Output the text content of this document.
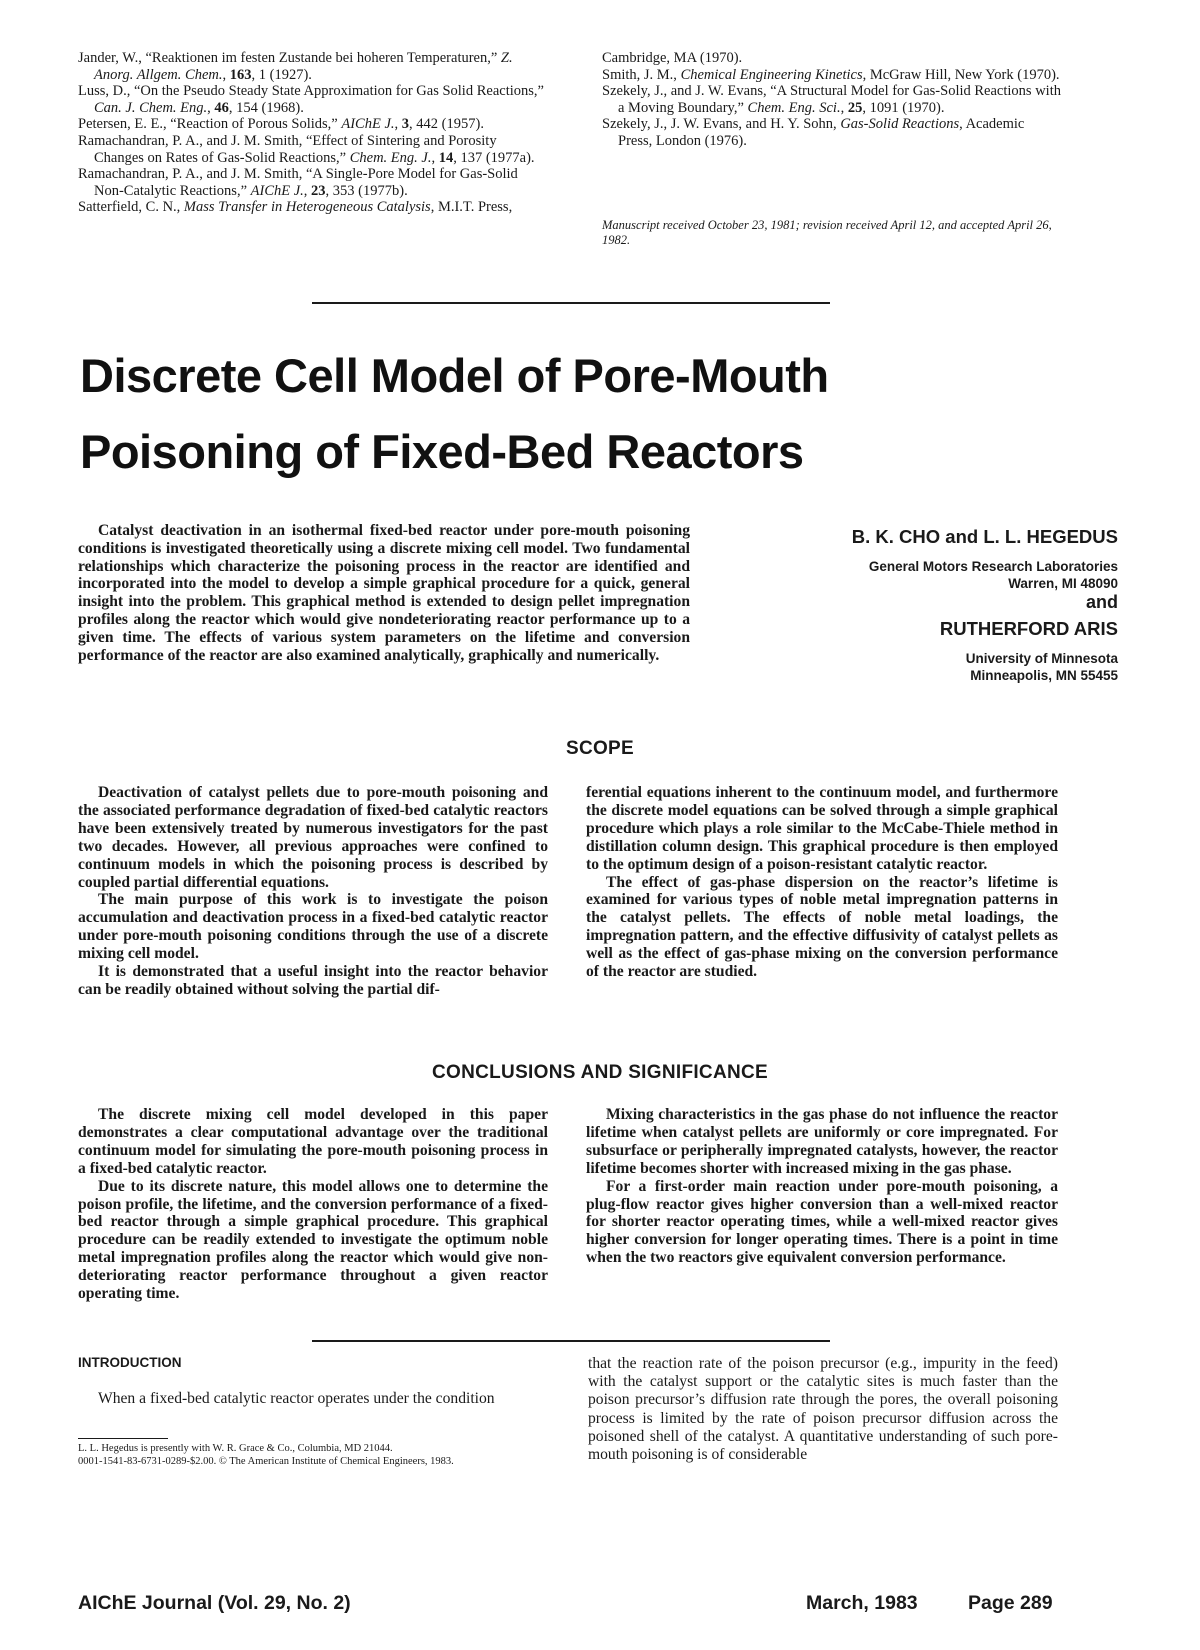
Jander, W., “Reaktionen im festen Zustande bei hoheren Temperaturen,” Z. Anorg. Allgem. Chem., 163, 1 (1927).
Luss, D., “On the Pseudo Steady State Approximation for Gas Solid Reactions,” Can. J. Chem. Eng., 46, 154 (1968).
Petersen, E. E., “Reaction of Porous Solids,” AIChE J., 3, 442 (1957).
Ramachandran, P. A., and J. M. Smith, “Effect of Sintering and Porosity Changes on Rates of Gas-Solid Reactions,” Chem. Eng. J., 14, 137 (1977a).
Ramachandran, P. A., and J. M. Smith, “A Single-Pore Model for Gas-Solid Non-Catalytic Reactions,” AIChE J., 23, 353 (1977b).
Satterfield, C. N., Mass Transfer in Heterogeneous Catalysis, M.I.T. Press,
Cambridge, MA (1970).
Smith, J. M., Chemical Engineering Kinetics, McGraw Hill, New York (1970).
Szekely, J., and J. W. Evans, “A Structural Model for Gas-Solid Reactions with a Moving Boundary,” Chem. Eng. Sci., 25, 1091 (1970).
Szekely, J., J. W. Evans, and H. Y. Sohn, Gas-Solid Reactions, Academic Press, London (1976).
Manuscript received October 23, 1981; revision received April 12, and accepted April 26, 1982.
Discrete Cell Model of Pore-Mouth
Poisoning of Fixed-Bed Reactors

Catalyst deactivation in an isothermal fixed-bed reactor under pore-mouth poisoning conditions is investigated theoretically using a discrete mixing cell model. Two fundamental relationships which characterize the poisoning process in the reactor are identified and incorporated into the model to develop a simple graphical procedure for a quick, general insight into the problem. This graphical method is extended to design pellet impregnation profiles along the reactor which would give nondeteriorating reactor performance up to a given time. The effects of various system parameters on the lifetime and conversion performance of the reactor are also examined analytically, graphically and numerically.

B. K. CHO and L. L. HEGEDUS
General Motors Research Laboratories
Warren, MI 48090
and
RUTHERFORD ARIS
University of Minnesota
Minneapolis, MN 55455
SCOPE

Deactivation of catalyst pellets due to pore-mouth poisoning and the associated performance degradation of fixed-bed catalytic reactors have been extensively treated by numerous investigators for the past two decades. However, all previous approaches were confined to continuum models in which the poisoning process is described by coupled partial differential equations.

The main purpose of this work is to investigate the poison accumulation and deactivation process in a fixed-bed catalytic reactor under pore-mouth poisoning conditions through the use of a discrete mixing cell model.

It is demonstrated that a useful insight into the reactor behavior can be readily obtained without solving the partial dif-

ferential equations inherent to the continuum model, and furthermore the discrete model equations can be solved through a simple graphical procedure which plays a role similar to the McCabe-Thiele method in distillation column design. This graphical procedure is then employed to the optimum design of a poison-resistant catalytic reactor.

The effect of gas-phase dispersion on the reactor’s lifetime is examined for various types of noble metal impregnation patterns in the catalyst pellets. The effects of noble metal loadings, the impregnation pattern, and the effective diffusivity of catalyst pellets as well as the effect of gas-phase mixing on the conversion performance of the reactor are studied.

CONCLUSIONS AND SIGNIFICANCE

The discrete mixing cell model developed in this paper demonstrates a clear computational advantage over the traditional continuum model for simulating the pore-mouth poisoning process in a fixed-bed catalytic reactor.

Due to its discrete nature, this model allows one to determine the poison profile, the lifetime, and the conversion performance of a fixed-bed reactor through a simple graphical procedure. This graphical procedure can be readily extended to investigate the optimum noble metal impregnation profiles along the reactor which would give non-deteriorating reactor performance throughout a given reactor operating time.

Mixing characteristics in the gas phase do not influence the reactor lifetime when catalyst pellets are uniformly or core impregnated. For subsurface or peripherally impregnated catalysts, however, the reactor lifetime becomes shorter with increased mixing in the gas phase.

For a first-order main reaction under pore-mouth poisoning, a plug-flow reactor gives higher conversion than a well-mixed reactor for shorter reactor operating times, while a well-mixed reactor gives higher conversion for longer operating times. There is a point in time when the two reactors give equivalent conversion performance.

INTRODUCTION
When a fixed-bed catalytic reactor operates under the condition
that the reaction rate of the poison precursor (e.g., impurity in the feed) with the catalyst support or the catalytic sites is much faster than the poison precursor’s diffusion rate through the pores, the overall poisoning process is limited by the rate of poison precursor diffusion across the poisoned shell of the catalyst. A quantitative understanding of such pore-mouth poisoning is of considerable
L. L. Hegedus is presently with W. R. Grace & Co., Columbia, MD 21044.
0001-1541-83-6731-0289-$2.00. © The American Institute of Chemical Engineers, 1983.
AIChE Journal (Vol. 29, No. 2)	March, 1983	Page 289
